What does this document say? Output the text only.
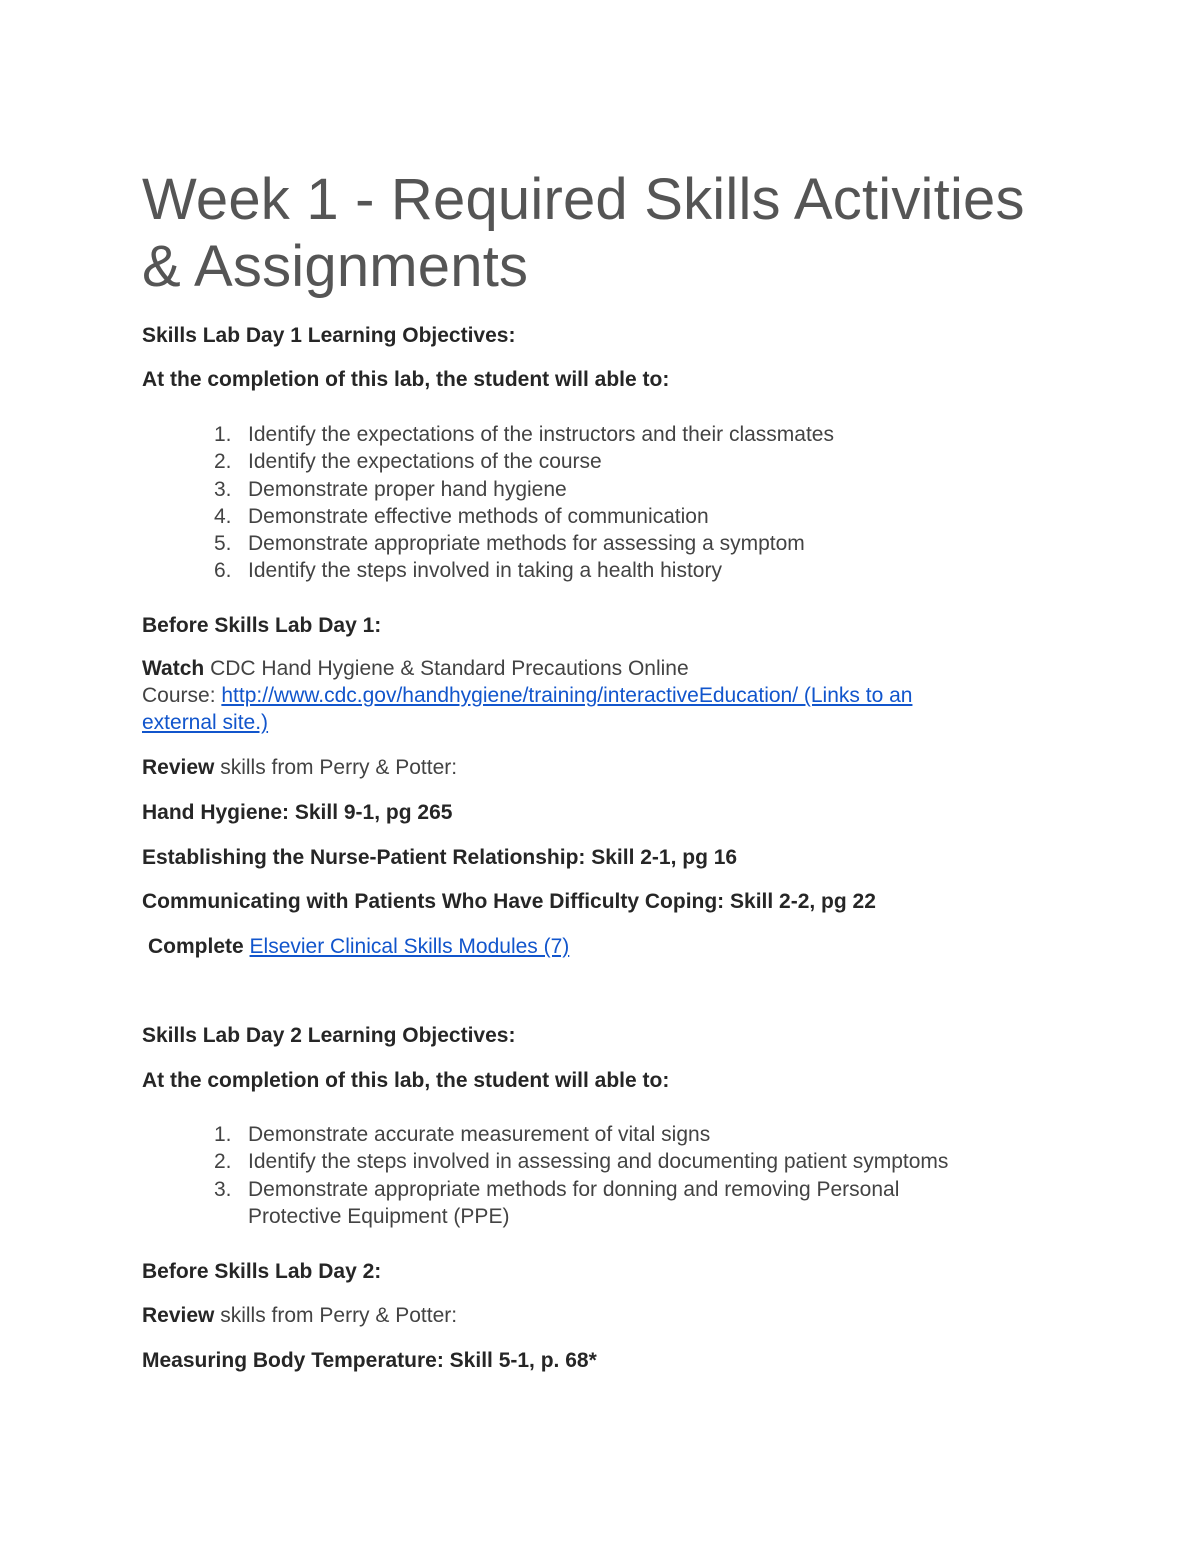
Week 1 - Required Skills Activities & Assignments

Skills Lab Day 1 Learning Objectives:

At the completion of this lab, the student will able to:

1. Identify the expectations of the instructors and their classmates
2. Identify the expectations of the course
3. Demonstrate proper hand hygiene
4. Demonstrate effective methods of communication
5. Demonstrate appropriate methods for assessing a symptom
6. Identify the steps involved in taking a health history

Before Skills Lab Day 1:

Watch CDC Hand Hygiene & Standard Precautions Online

Course: http://www.cdc.gov/handhygiene/training/interactiveEducation/ (Links to an

external site.)

Review skills from Perry & Potter:

Hand Hygiene: Skill 9-1, pg 265

Establishing the Nurse-Patient Relationship: Skill 2-1, pg 16

Communicating with Patients Who Have Difficulty Coping: Skill 2-2, pg 22

Complete Elsevier Clinical Skills Modules (7)

Skills Lab Day 2 Learning Objectives:

At the completion of this lab, the student will able to:

1. Demonstrate accurate measurement of vital signs
2. Identify the steps involved in assessing and documenting patient symptoms
3. Demonstrate appropriate methods for donning and removing Personal
Protective Equipment (PPE)

Before Skills Lab Day 2:

Review skills from Perry & Potter:

Measuring Body Temperature: Skill 5-1, p. 68*
